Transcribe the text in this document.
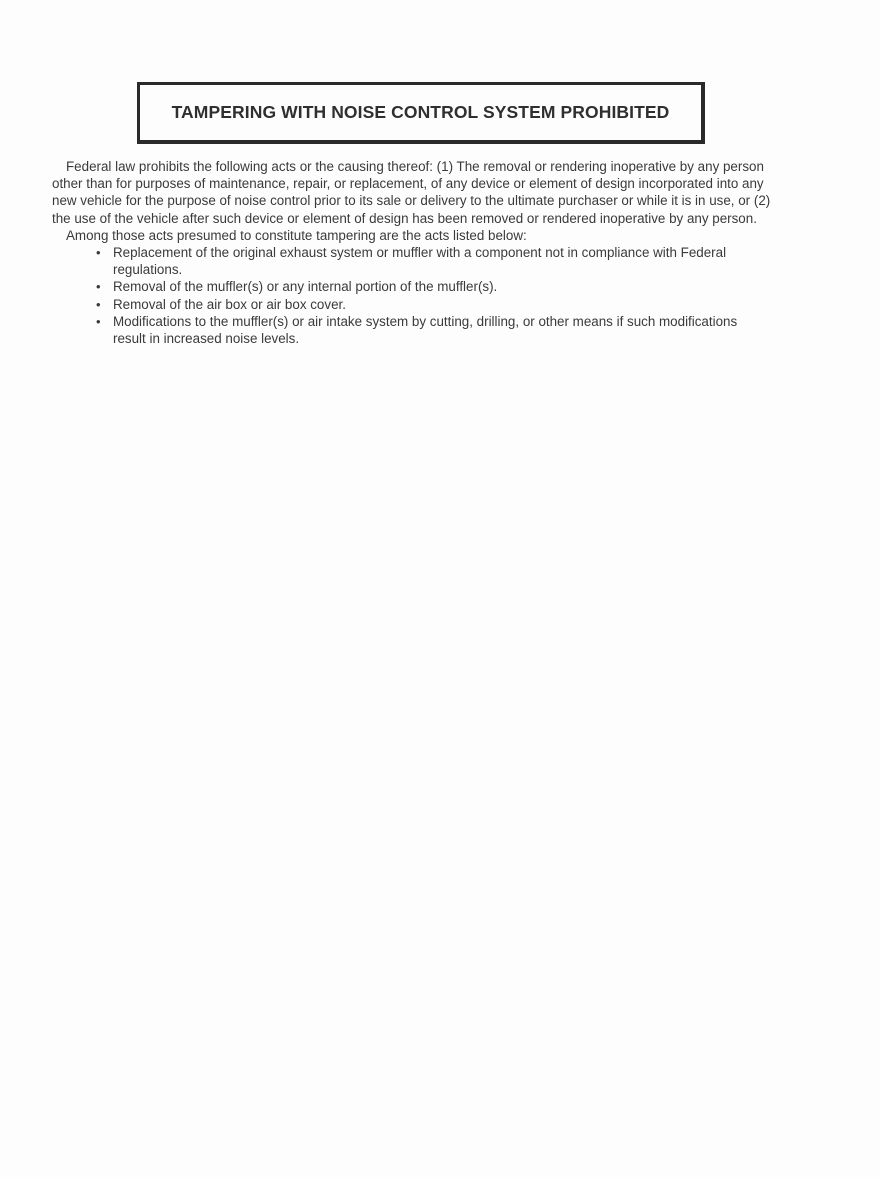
TAMPERING WITH NOISE CONTROL SYSTEM PROHIBITED

Federal law prohibits the following acts or the causing thereof: (1) The removal or rendering inoperative by any person
other than for purposes of maintenance, repair, or replacement, of any device or element of design incorporated into any
new vehicle for the purpose of noise control prior to its sale or delivery to the ultimate purchaser or while it is in use, or (2)
the use of the vehicle after such device or element of design has been removed or rendered inoperative by any person.

Among those acts presumed to constitute tampering are the acts listed below:

• Replacement of the original exhaust system or muffler with a component not in compliance with Federal
regulations.
• Removal of the muffler(s) or any internal portion of the muffler(s).
• Removal of the air box or air box cover.
• Modifications to the muffler(s) or air intake system by cutting, drilling, or other means if such modifications
result in increased noise levels.
